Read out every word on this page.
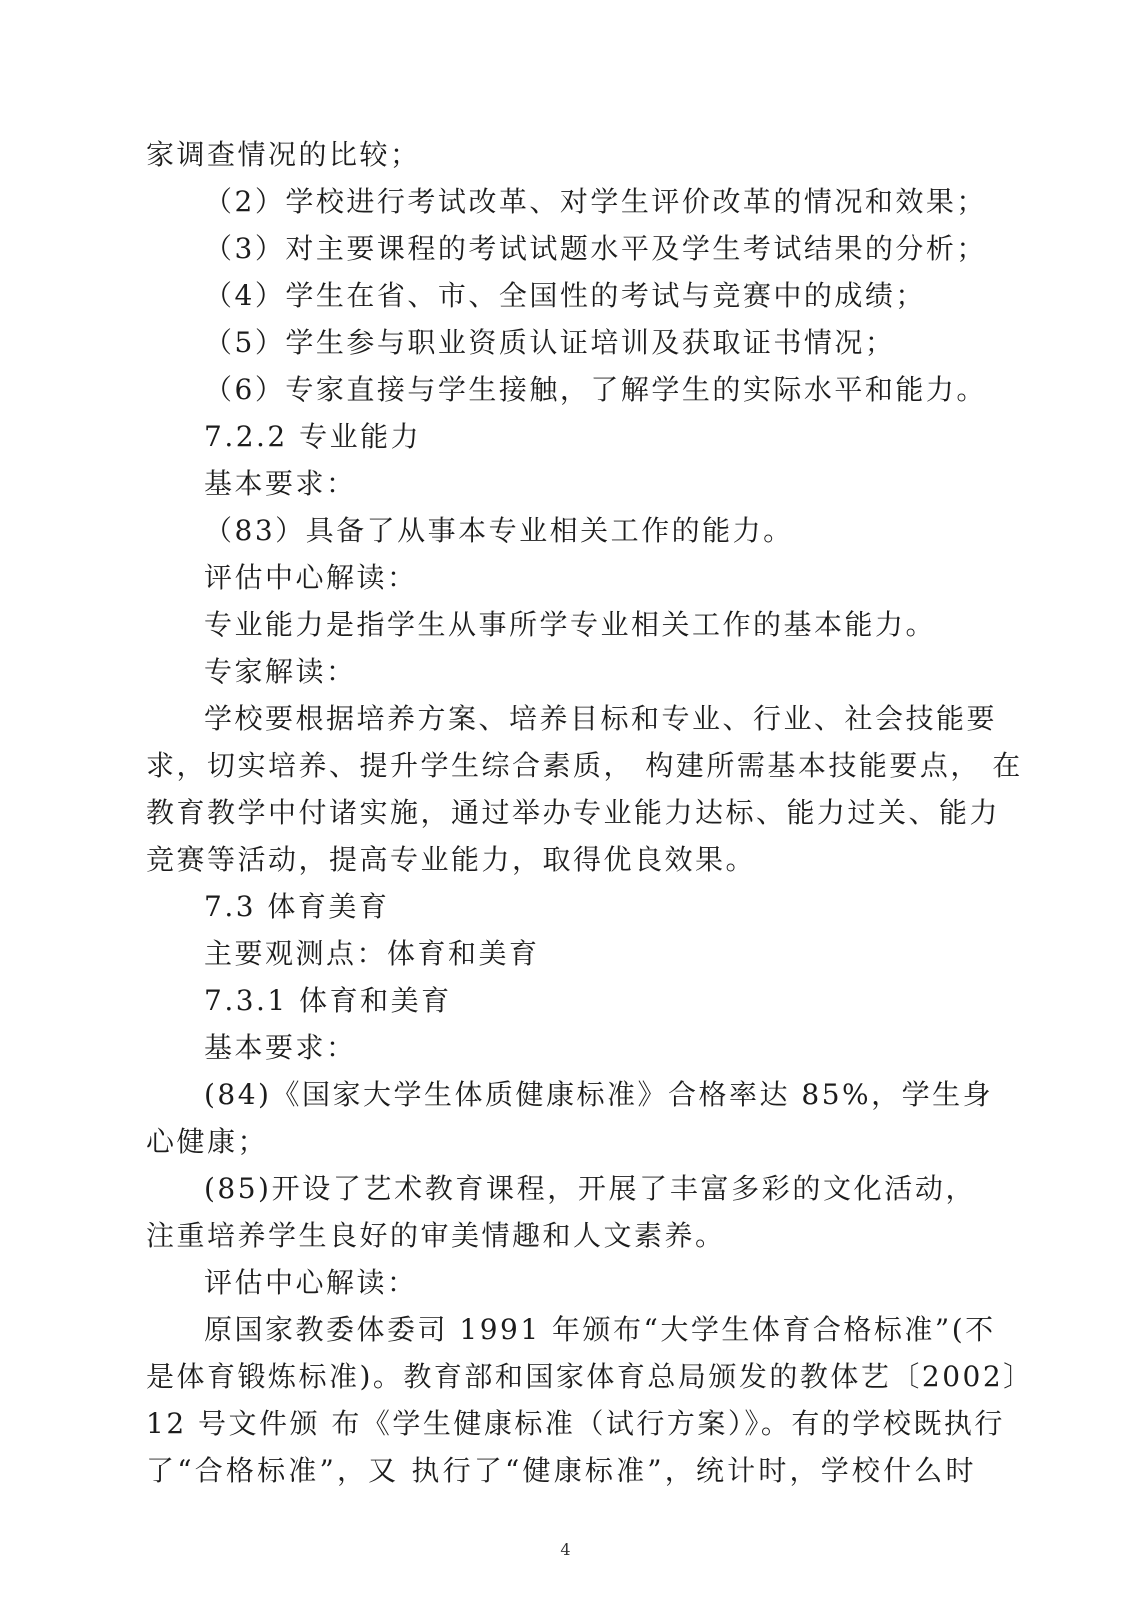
家调查情况的比较；
（2）学校进行考试改革、对学生评价改革的情况和效果；
（3）对主要课程的考试试题水平及学生考试结果的分析；
（4）学生在省、市、全国性的考试与竞赛中的成绩；
（5）学生参与职业资质认证培训及获取证书情况；
（6）专家直接与学生接触，了解学生的实际水平和能力。
7.2.2 专业能力
基本要求：
（83）具备了从事本专业相关工作的能力。
评估中心解读：
专业能力是指学生从事所学专业相关工作的基本能力。
专家解读：
学校要根据培养方案、培养目标和专业、行业、社会技能要
求，切实培养、提升学生综合素质， 构建所需基本技能要点， 在
教育教学中付诸实施，通过举办专业能力达标、能力过关、能力
竞赛等活动，提高专业能力，取得优良效果。
7.3 体育美育
主要观测点：体育和美育
7.3.1 体育和美育
基本要求：
(84)《国家大学生体质健康标准》合格率达 85%，学生身
心健康；
(85)开设了艺术教育课程，开展了丰富多彩的文化活动，
注重培养学生良好的审美情趣和人文素养。
评估中心解读：
原国家教委体委司 1991 年颁布“大学生体育合格标准”(不
是体育锻炼标准)。教育部和国家体育总局颁发的教体艺〔2002〕
12 号文件颁 布《学生健康标准（试行方案）》。有的学校既执行
了“合格标准”，又 执行了“健康标准”，统计时，学校什么时
4
